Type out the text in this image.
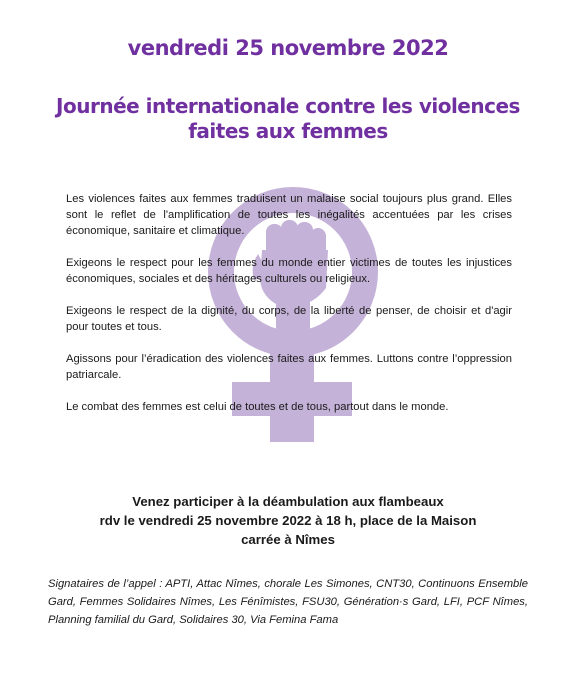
vendredi 25 novembre 2022
Journée internationale contre les violences
faites aux femmes

Les violences faites aux femmes traduisent un malaise social toujours plus grand. Elles sont le reflet de l'amplification de toutes les inégalités accentuées par les crises économique, sanitaire et climatique.

Exigeons le respect pour les femmes du monde entier victimes de toutes les injustices économiques, sociales et des héritages culturels ou religieux.

Exigeons le respect de la dignité, du corps, de la liberté de penser, de choisir et d'agir pour toutes et tous.

Agissons pour l’éradication des violences faites aux femmes. Luttons contre l’oppression patriarcale.

Le combat des femmes est celui de toutes et de tous, partout dans le monde.

Venez participer à la déambulation aux flambeaux
rdv le vendredi 25 novembre 2022 à 18 h, place de la Maison
carrée à Nîmes

Signataires de l’appel : APTI, Attac Nîmes, chorale Les Simones, CNT30, Continuons Ensemble Gard, Femmes Solidaires Nîmes, Les Fénîmistes, FSU30, Génération·s Gard, LFI, PCF Nîmes, Planning familial du Gard, Solidaires 30, Via Femina Fama
